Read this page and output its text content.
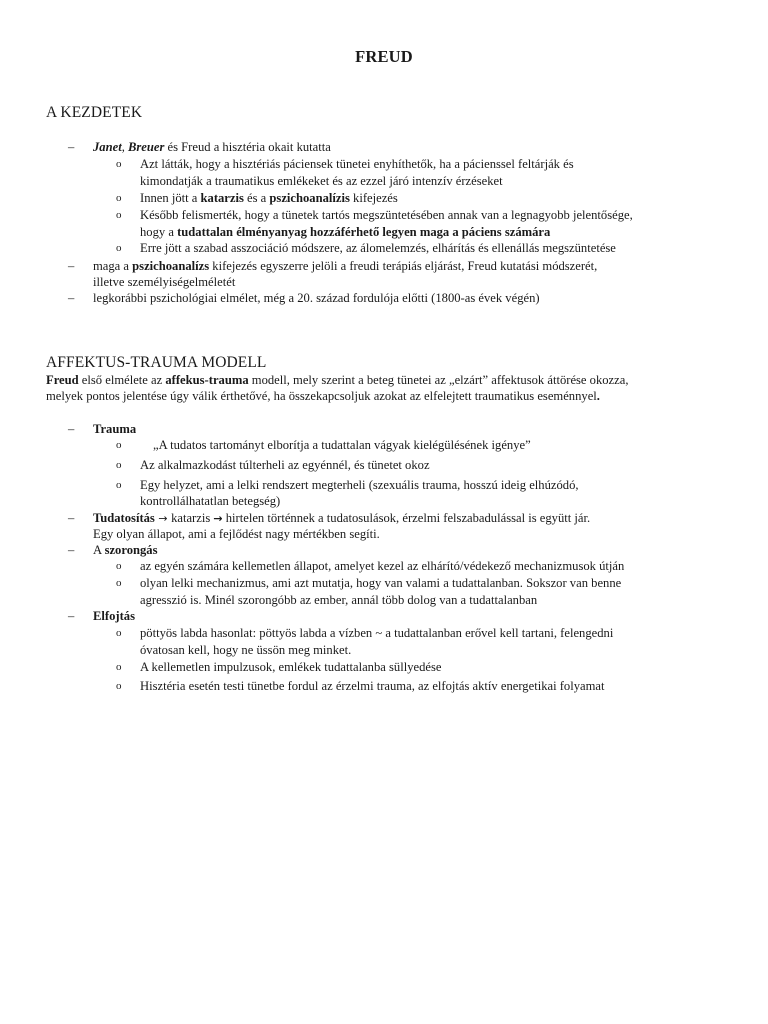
FREUD
A KEZDETEK
– Janet, Breuer és Freud a hisztéria okait kutatta
o Azt látták, hogy a hisztériás páciensek tünetei enyhíthetők, ha a pácienssel feltárják és
kimondatják a traumatikus emlékeket és az ezzel járó intenzív érzéseket
o Innen jött a katarzis és a pszichoanalízis kifejezés
o Később felismerték, hogy a tünetek tartós megszüntetésében annak van a legnagyobb jelentősége,
hogy a tudattalan élményanyag hozzáférhető legyen maga a páciens számára
o Erre jött a szabad asszociáció módszere, az álomelemzés, elhárítás és ellenállás megszüntetése
– maga a pszichoanalízs kifejezés egyszerre jelöli a freudi terápiás eljárást, Freud kutatási módszerét,
illetve személyiségelméletét
– legkorábbi pszichológiai elmélet, még a 20. század fordulója előtti (1800-as évek végén)
AFFEKTUS-TRAUMA MODELL
Freud első elmélete az affekus-trauma modell, mely szerint a beteg tünetei az „elzárt” affektusok áttörése okozza,
melyek pontos jelentése úgy válik érthetővé, ha összekapcsoljuk azokat az elfelejtett traumatikus eseménnyel.
– Trauma
o	„A tudatos tartományt elborítja a tudattalan vágyak kielégülésének igénye”
o Az alkalmazkodást túlterheli az egyénnél, és tünetet okoz
o Egy helyzet, ami a lelki rendszert megterheli (szexuális trauma, hosszú ideig elhúzódó,
kontrollálhatatlan betegség)
– Tudatosítás → katarzis → hirtelen történnek a tudatosulások, érzelmi felszabadulással is együtt jár.
Egy olyan állapot, ami a fejlődést nagy mértékben segíti.
– A szorongás
o az egyén számára kellemetlen állapot, amelyet kezel az elhárító/védekező mechanizmusok útján
o olyan lelki mechanizmus, ami azt mutatja, hogy van valami a tudattalanban. Sokszor van benne
agresszió is. Minél szorongóbb az ember, annál több dolog van a tudattalanban
– Elfojtás
o pöttyös labda hasonlat: pöttyös labda a vízben ~ a tudattalanban erővel kell tartani, felengedni
óvatosan kell, hogy ne üssön meg minket.
o A kellemetlen impulzusok, emlékek tudattalanba süllyedése
o Hisztéria esetén testi tünetbe fordul az érzelmi trauma, az elfojtás aktív energetikai folyamat
